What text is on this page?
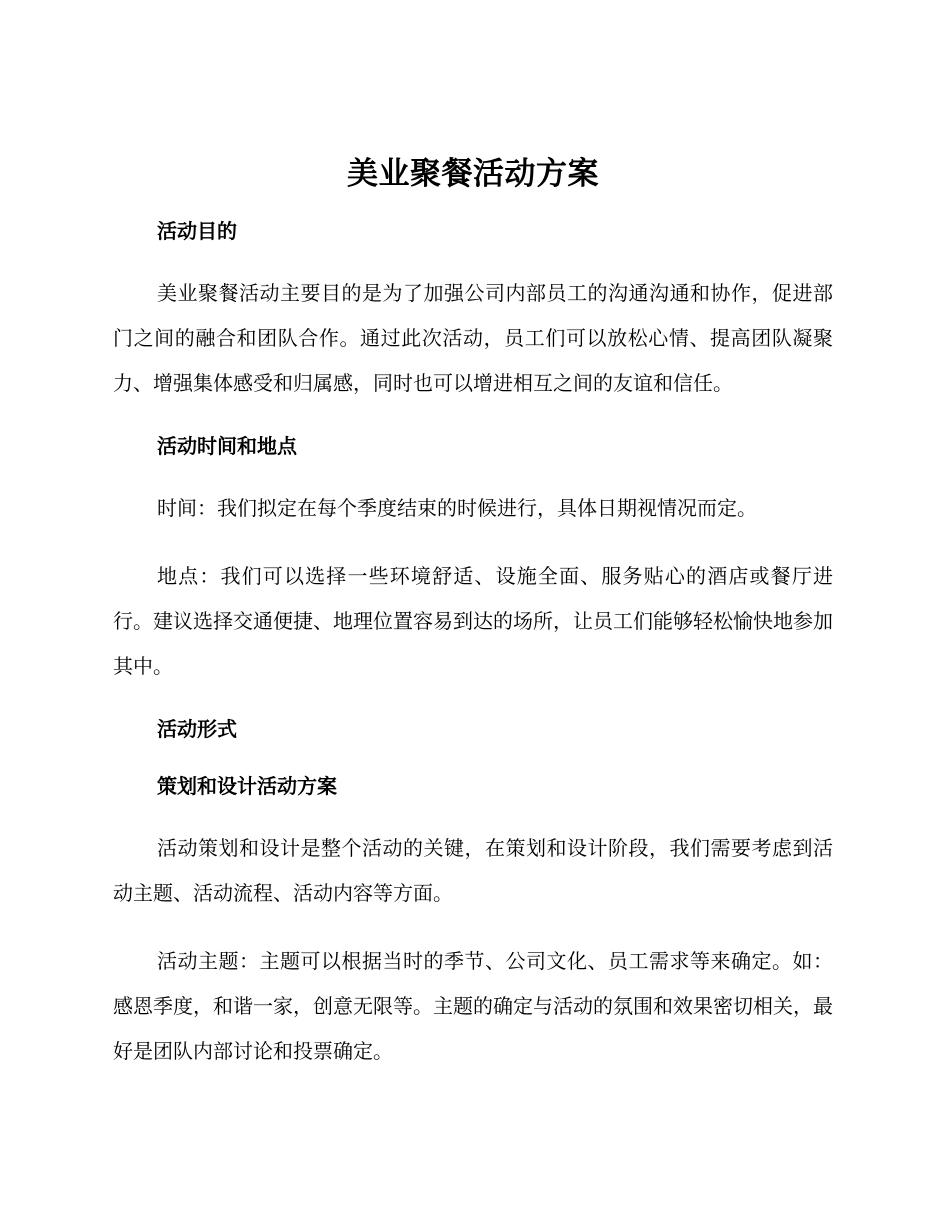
美业聚餐活动方案

活动目的

美业聚餐活动主要目的是为了加强公司内部员工的沟通沟通和协作，促进部门之间的融合和团队合作。通过此次活动，员工们可以放松心情、提高团队凝聚力、增强集体感受和归属感，同时也可以增进相互之间的友谊和信任。

活动时间和地点

时间：我们拟定在每个季度结束的时候进行，具体日期视情况而定。

地点：我们可以选择一些环境舒适、设施全面、服务贴心的酒店或餐厅进行。建议选择交通便捷、地理位置容易到达的场所，让员工们能够轻松愉快地参加其中。

活动形式

策划和设计活动方案

活动策划和设计是整个活动的关键，在策划和设计阶段，我们需要考虑到活动主题、活动流程、活动内容等方面。

活动主题：主题可以根据当时的季节、公司文化、员工需求等来确定。如：感恩季度，和谐一家，创意无限等。主题的确定与活动的氛围和效果密切相关，最好是团队内部讨论和投票确定。
